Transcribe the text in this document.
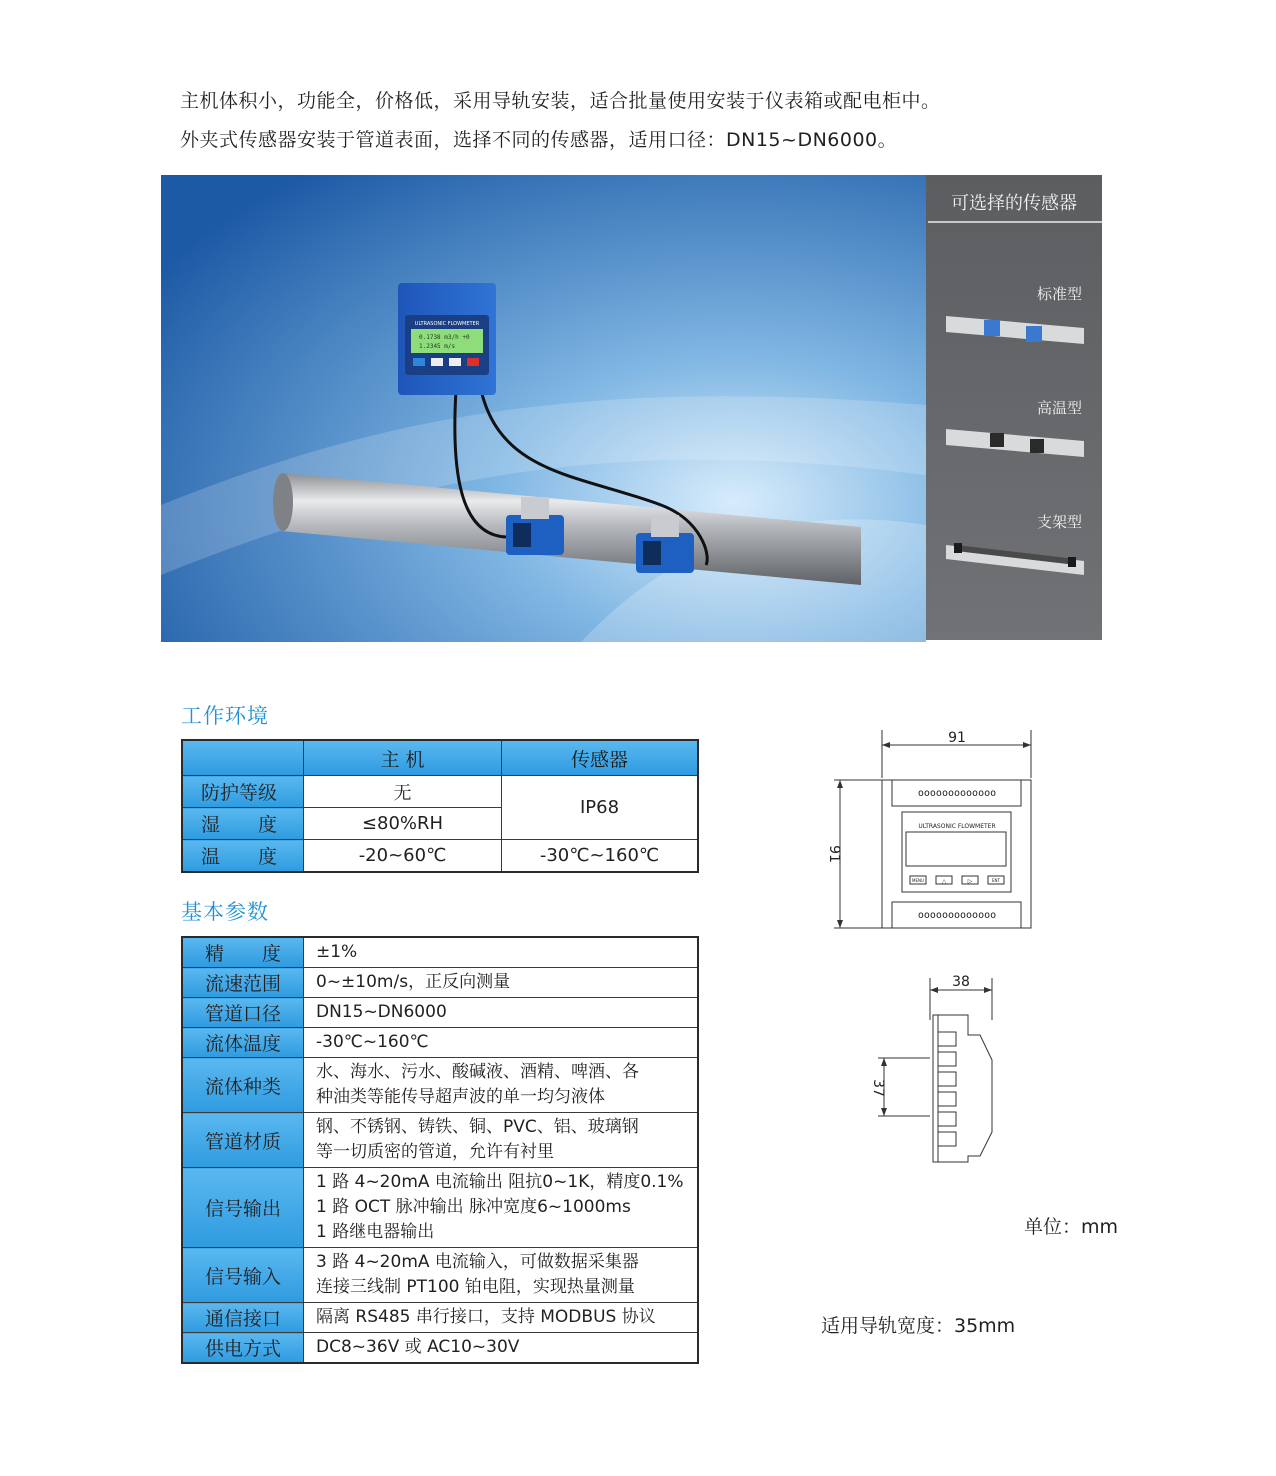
主机体积小，功能全，价格低，采用导轨安装，适合批量使用安装于仪表箱或配电柜中。
外夹式传感器安装于管道表面，选择不同的传感器，适用口径：DN15~DN6000。
ULTRASONIC FLOWMETER
0.1738 m3/h +0
1.2345 m/s
可选择的传感器
标准型
高温型
支架型
工作环境
	主 机	传感器
防护等级	无	IP68
湿　　度	≤80%RH	
温　　度	-20~60℃	-30℃~160℃
基本参数
精　　度	±1%

流速范围	0~±10m/s，正反向测量

管道口径	DN15~DN6000

流体温度	-30℃~160℃

流体种类	水、海水、污水、酸碱液、酒精、啤酒、各
种油类等能传导超声波的单一均匀液体

管道材质	钢、不锈钢、铸铁、铜、PVC、铝、玻璃钢
等一切质密的管道，允许有衬里

信号输出	1 路 4~20mA 电流输出 阻抗0~1K，精度0.1%
1 路 OCT 脉冲输出 脉冲宽度6~1000ms
1 路继电器输出

信号输入	3 路 4~20mA 电流输入，可做数据采集器
连接三线制 PT100 铂电阻，实现热量测量

通信接口	隔离 RS485 串行接口，支持 MODBUS 协议

供电方式	DC8~36V 或 AC10~30V
91
91
38
37
ULTRASONIC FLOWMETER
ooooooooooooo
ooooooooooooo
MENU	△	▷	ENT
单位：mm
适用导轨宽度：35mm
